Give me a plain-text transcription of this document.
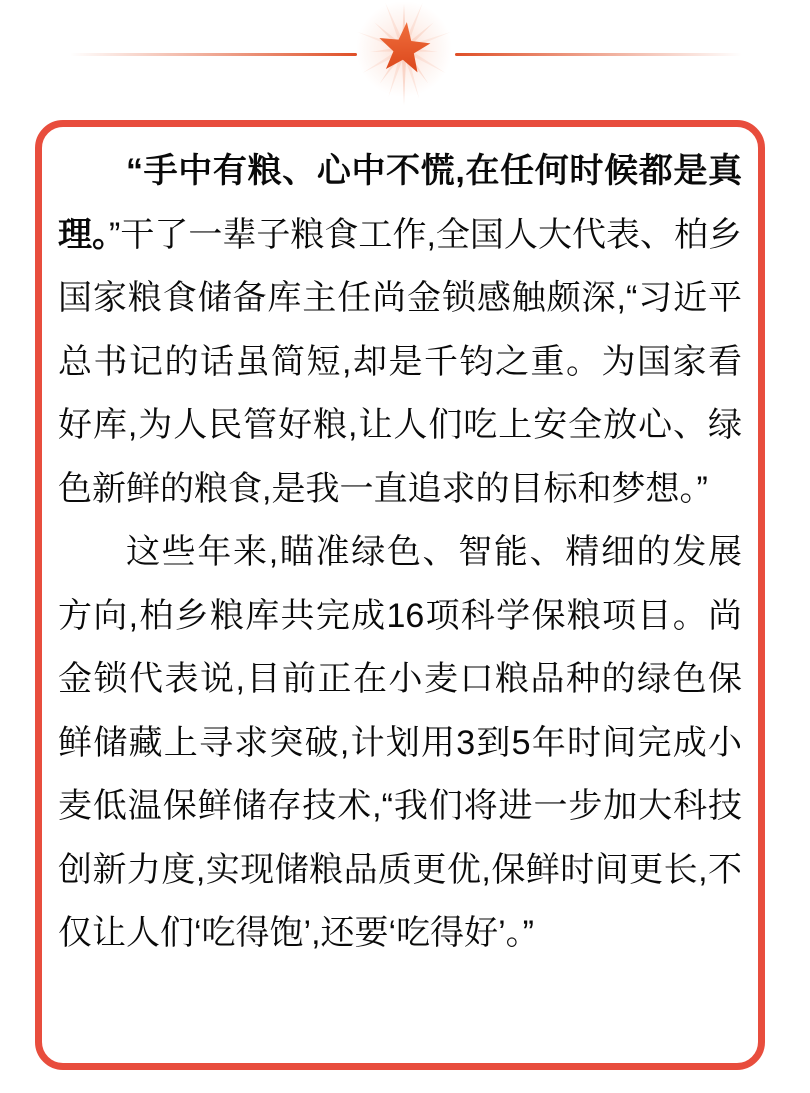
“手中有粮、心中不慌,在任何时候都是真理。”干了一辈子粮食工作,全国人大代表、柏乡国家粮食储备库主任尚金锁感触颇深,“习近平总书记的话虽简短,却是千钧之重。为国家看好库,为人民管好粮,让人们吃上安全放心、绿色新鲜的粮食,是我一直追求的目标和梦想。”

这些年来,瞄准绿色、智能、精细的发展方向,柏乡粮库共完成16项科学保粮项目。尚金锁代表说,目前正在小麦口粮品种的绿色保鲜储藏上寻求突破,计划用3到5年时间完成小麦低温保鲜储存技术,“我们将进一步加大科技创新力度,实现储粮品质更优,保鲜时间更长,不仅让人们‘吃得饱’,还要‘吃得好’。”
